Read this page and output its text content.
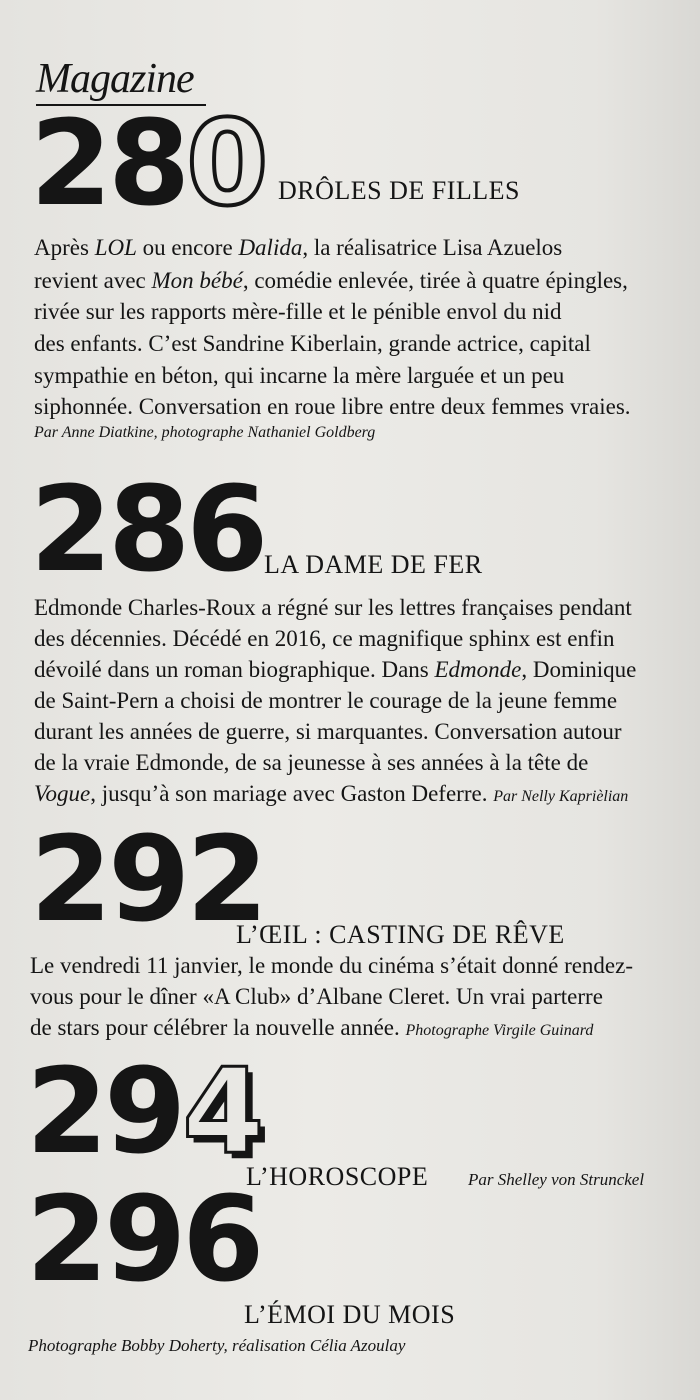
Magazine
280 DRÔLES DE FILLES
Après LOL ou encore Dalida, la réalisatrice Lisa Azuelos
revient avec Mon bébé, comédie enlevée, tirée à quatre épingles,
rivée sur les rapports mère-fille et le pénible envol du nid
des enfants. C’est Sandrine Kiberlain, grande actrice, capital
sympathie en béton, qui incarne la mère larguée et un peu
siphonnée. Conversation en roue libre entre deux femmes vraies.
Par Anne Diatkine, photographe Nathaniel Goldberg
286 LA DAME DE FER
Edmonde Charles-Roux a régné sur les lettres françaises pendant
des décennies. Décédé en 2016, ce magnifique sphinx est enfin
dévoilé dans un roman biographique. Dans Edmonde, Dominique
de Saint-Pern a choisi de montrer le courage de la jeune femme
durant les années de guerre, si marquantes. Conversation autour
de la vraie Edmonde, de sa jeunesse à ses années à la tête de
Vogue, jusqu’à son mariage avec Gaston Deferre. Par Nelly Kaprièlian
292
L’ŒIL : CASTING DE RÊVE
Le vendredi 11 janvier, le monde du cinéma s’était donné rendez-
vous pour le dîner «A Club» d’Albane Cleret. Un vrai parterre
de stars pour célébrer la nouvelle année. Photographe Virgile Guinard
294
L’HOROSCOPE Par Shelley von Strunckel
296
L’ÉMOI DU MOIS
Photographe Bobby Doherty, réalisation Célia Azoulay
